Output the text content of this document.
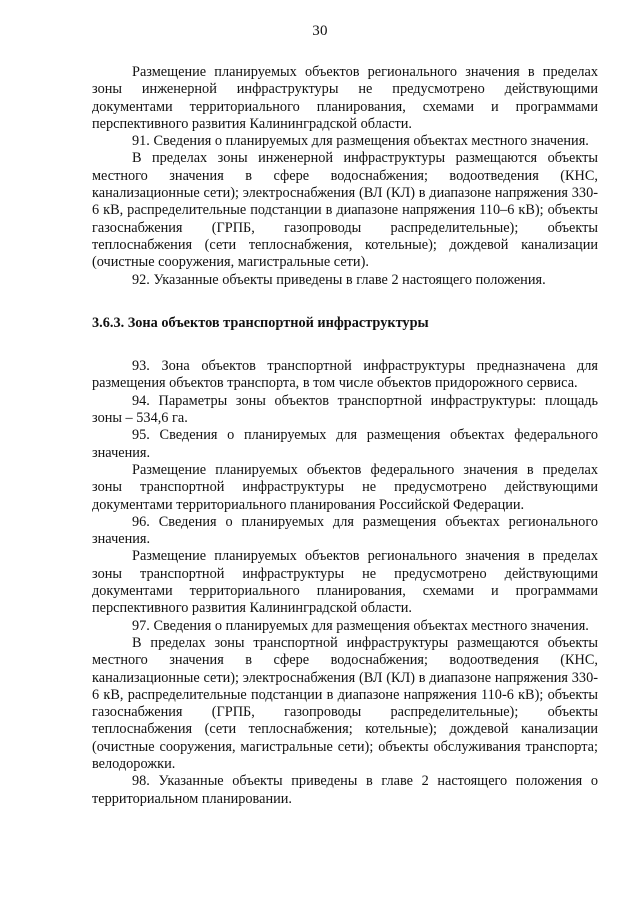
30

Размещение планируемых объектов регионального значения в пределах зоны инженерной инфраструктуры не предусмотрено действующими документами территориального планирования, схемами и программами перспективного развития Калининградской области.

91. Сведения о планируемых для размещения объектах местного значения.

В пределах зоны инженерной инфраструктуры размещаются объекты местного значения в сфере водоснабжения; водоотведения (КНС, канализационные сети); электроснабжения (ВЛ (КЛ) в диапазоне напряжения 330-6 кВ, распределительные подстанции в диапазоне напряжения 110–6 кВ); объекты газоснабжения (ГРПБ, газопроводы распределительные); объекты теплоснабжения (сети теплоснабжения, котельные); дождевой канализации (очистные сооружения, магистральные сети).

92. Указанные объекты приведены в главе 2 настоящего положения.

3.6.3. Зона объектов транспортной инфраструктуры

93. Зона объектов транспортной инфраструктуры предназначена для размещения объектов транспорта, в том числе объектов придорожного сервиса.

94. Параметры зоны объектов транспортной инфраструктуры: площадь зоны – 534,6 га.

95. Сведения о планируемых для размещения объектах федерального значения.

Размещение планируемых объектов федерального значения в пределах зоны транспортной инфраструктуры не предусмотрено действующими документами территориального планирования Российской Федерации.

96. Сведения о планируемых для размещения объектах регионального значения.

Размещение планируемых объектов регионального значения в пределах зоны транспортной инфраструктуры не предусмотрено действующими документами территориального планирования, схемами и программами перспективного развития Калининградской области.

97. Сведения о планируемых для размещения объектах местного значения.

В пределах зоны транспортной инфраструктуры размещаются объекты местного значения в сфере водоснабжения; водоотведения (КНС, канализационные сети); электроснабжения (ВЛ (КЛ) в диапазоне напряжения 330-6 кВ, распределительные подстанции в диапазоне напряжения 110-6 кВ); объекты газоснабжения (ГРПБ, газопроводы распределительные); объекты теплоснабжения (сети теплоснабжения; котельные); дождевой канализации (очистные сооружения, магистральные сети); объекты обслуживания транспорта; велодорожки.

98. Указанные объекты приведены в главе 2 настоящего положения о территориальном планировании.
